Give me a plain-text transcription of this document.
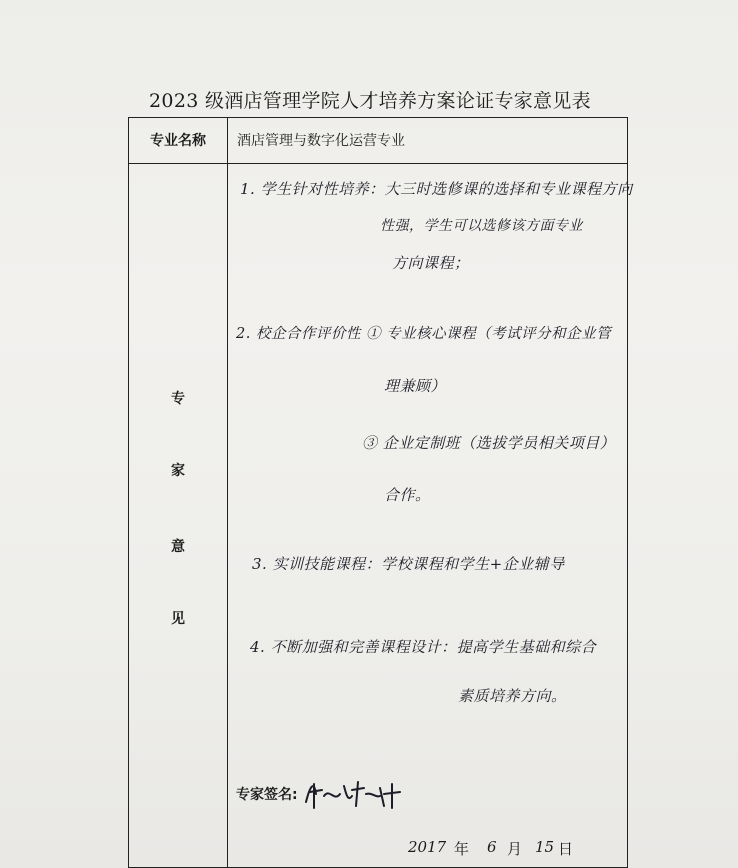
2023 级酒店管理学院人才培养方案论证专家意见表
专业名称	酒店管理与数字化运营专业
专
家
意
见
1. 学生针对性培养：大三时选修课的选择和专业课程方向
性强，学生可以选修该方面专业
方向课程；
2. 校企合作评价性 ① 专业核心课程（考试评分和企业管
理兼顾）
③ 企业定制班（选拔学员相关项目）
合作。
3. 实训技能课程：学校课程和学生+企业辅导
4. 不断加强和完善课程设计：提高学生基础和综合
素质培养方向。
专家签名:
2017 年 6 月 15 日
